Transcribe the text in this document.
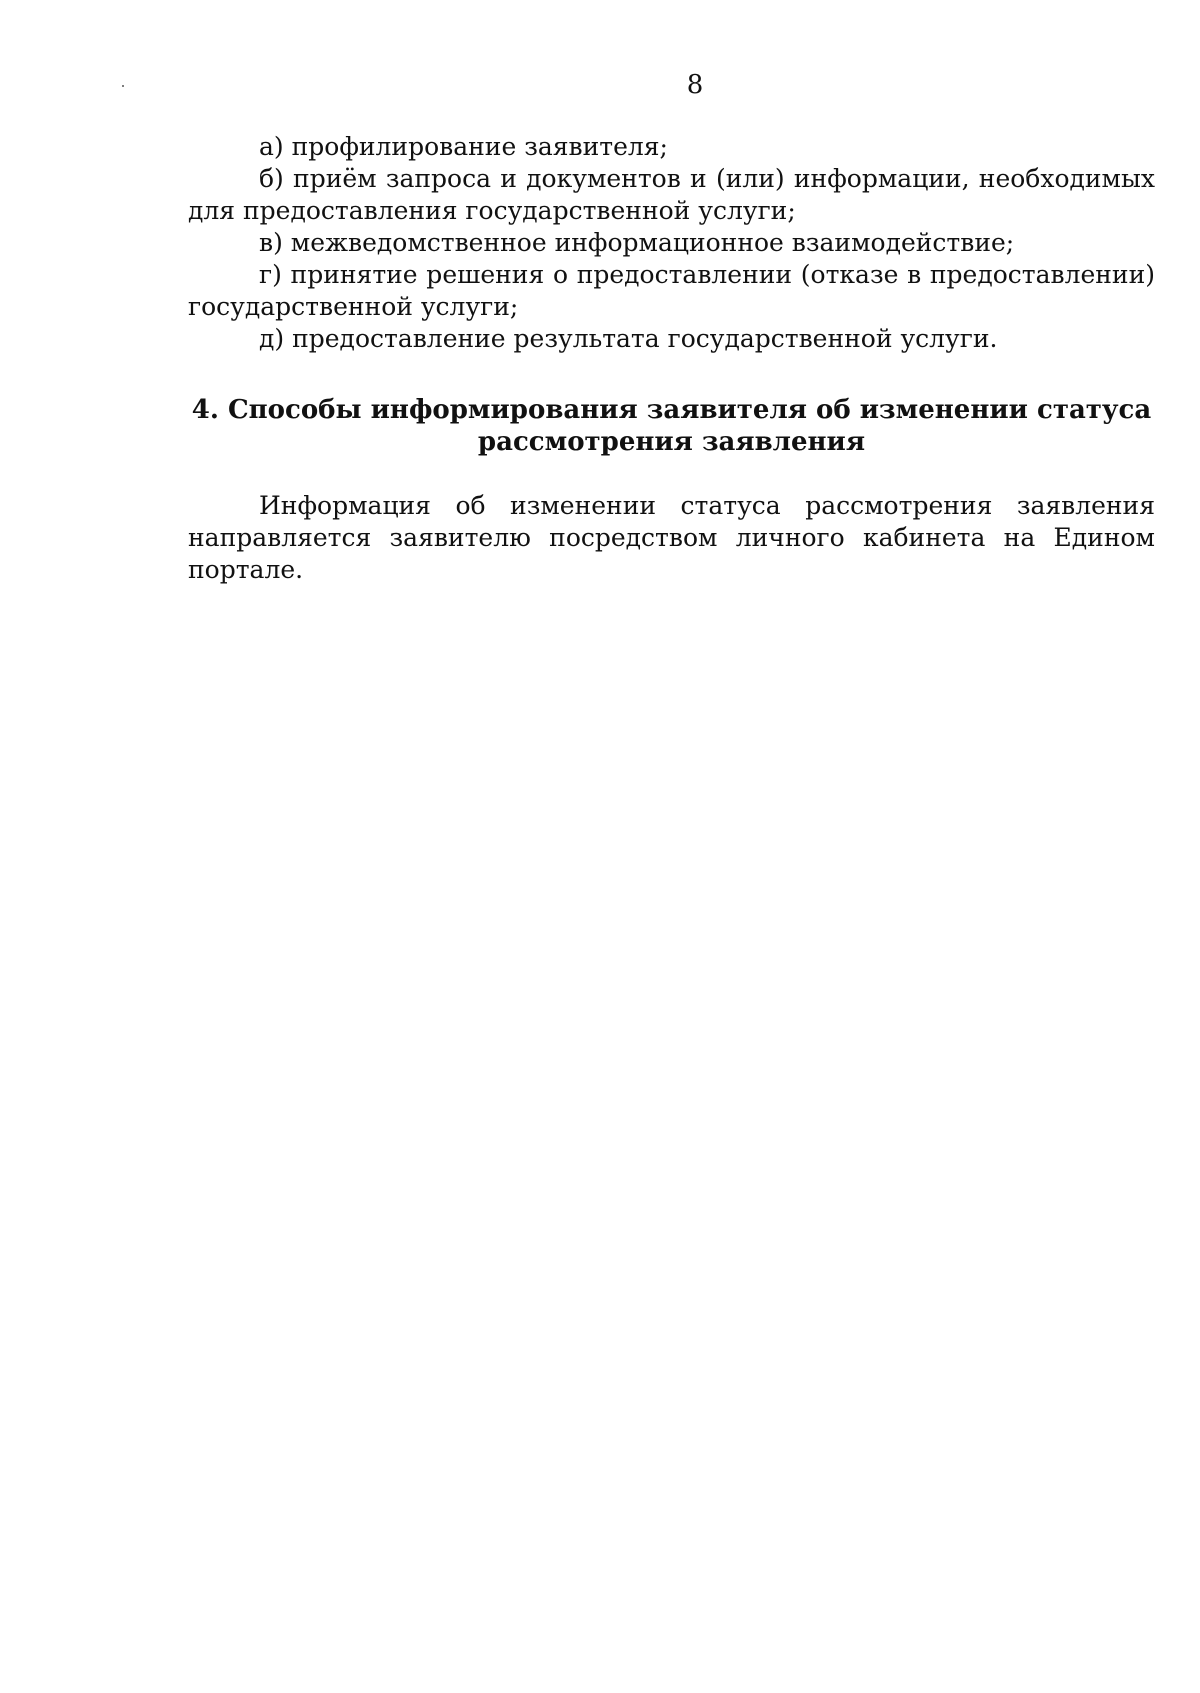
8

а) профилирование заявителя;

б) приём запроса и документов и (или) информации, необходимых для предоставления государственной услуги;

в) межведомственное информационное взаимодействие;

г) принятие решения о предоставлении (отказе в предоставлении) государственной услуги;

д) предоставление результата государственной услуги.

4. Способы информирования заявителя об изменении статуса
рассмотрения заявления

Информация об изменении статуса рассмотрения заявления направляется заявителю посредством личного кабинета на Едином портале.
